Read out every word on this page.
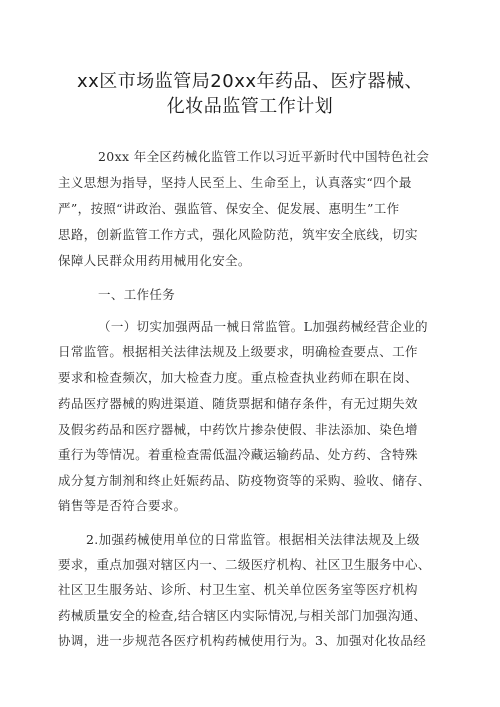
xx区市场监管局20xx年药品、医疗器械、
化妆品监管工作计划
20xx 年全区药械化监管工作以习近平新时代中国特色社会
主义思想为指导，坚持人民至上、生命至上，认真落实“四个最
严”，按照“讲政治、强监管、保安全、促发展、惠明生”工作
思路，创新监管工作方式，强化风险防范，筑牢安全底线，切实
保障人民群众用药用械用化安全。
一、工作任务
（一）切实加强两品一械日常监管。L加强药械经营企业的
日常监管。根据相关法律法规及上级要求，明确检查要点、工作
要求和检查频次，加大检查力度。重点检查执业药师在职在岗、
药品医疗器械的购进渠道、随货票据和储存条件，有无过期失效
及假劣药品和医疗器械，中药饮片掺杂使假、非法添加、染色增
重行为等情况。着重检查需低温冷藏运输药品、处方药、含特殊
成分复方制剂和终止妊娠药品、防疫物资等的采购、验收、储存、
销售等是否符合要求。
2.加强药械使用单位的日常监管。根据相关法律法规及上级
要求，重点加强对辖区内一、二级医疗机构、社区卫生服务中心、
社区卫生服务站、诊所、村卫生室、机关单位医务室等医疗机构
药械质量安全的检查,结合辖区内实际情况,与相关部门加强沟通、
协调，进一步规范各医疗机构药械使用行为。3、加强对化妆品经
